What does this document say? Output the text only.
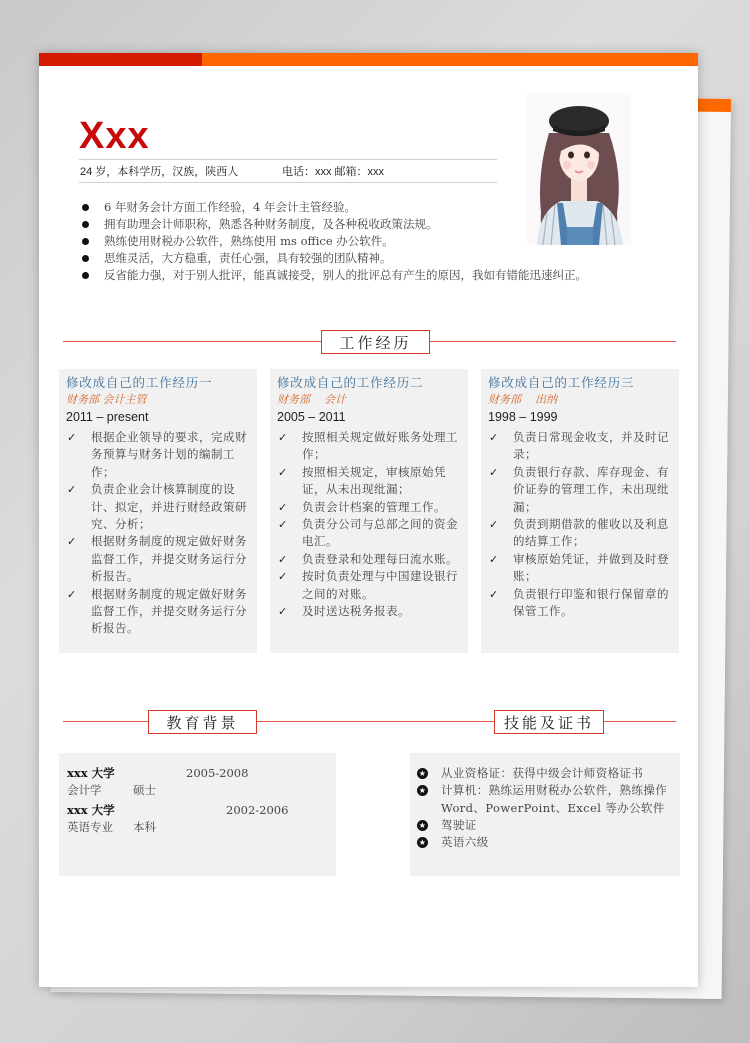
Xxx
24 岁，本科学历，汉族，陕西人	电话：xxx 邮箱：xxx
6 年财务会计方面工作经验，4 年会计主管经验。
拥有助理会计师职称，熟悉各种财务制度，及各种税收政策法规。
熟练使用财税办公软件，熟练使用 ms office 办公软件。
思维灵活，大方稳重，责任心强，具有较强的团队精神。
反省能力强，对于别人批评，能真诚接受，别人的批评总有产生的原因，我如有错能迅速纠正。
工作经历
修改成自己的工作经历一
财务部 会计主管
2011 – present
✓ 根据企业领导的要求，完成财务预算与财务计划的编制工作；
✓ 负责企业会计核算制度的设计、拟定，并进行财经政策研究、分析；
✓ 根据财务制度的规定做好财务监督工作，并提交财务运行分析报告。
✓ 根据财务制度的规定做好财务监督工作，并提交财务运行分析报告。
修改成自己的工作经历二
财务部    会计
2005 – 2011
✓ 按照相关规定做好账务处理工作；
✓ 按照相关规定，审核原始凭证，从未出现纰漏；
✓ 负责会计档案的管理工作。
✓ 负责分公司与总部之间的资金电汇。
✓ 负责登录和处理每曰流水账。
✓ 按时负责处理与中国建设银行之间的对账。
✓ 及时送达税务报表。
修改成自己的工作经历三
财务部    出纳
1998 – 1999
✓ 负责日常现金收支，并及时记录；
✓ 负责银行存款、库存现金、有价证券的管理工作，未出现纰漏；
✓ 负责到期借款的催收以及利息的结算工作；
✓ 审核原始凭证，并做到及时登账；
✓ 负责银行印鉴和银行保留章的保管工作。
教育背景	技能及证书
xxx 大学	2005-2008
会计学	硕士
xxx 大学	2002-2006
英语专业	本科
★ 从业资格证：获得中级会计师资格证书
★ 计算机：熟练运用财税办公软件，熟练操作 Word、PowerPoint、Excel 等办公软件
★ 驾驶证
★ 英语六级
